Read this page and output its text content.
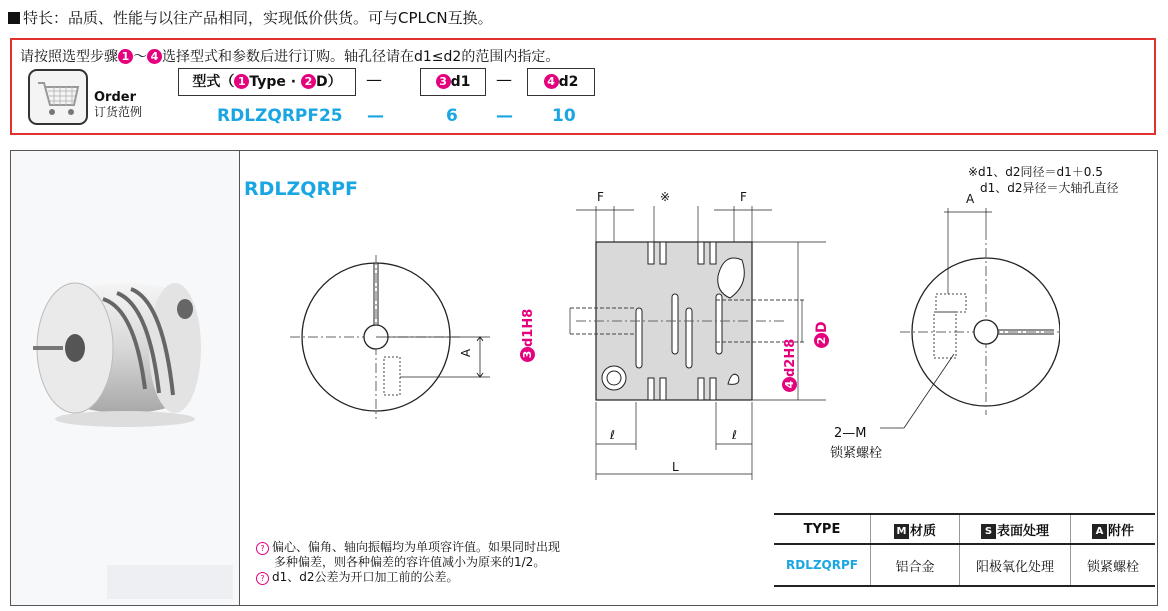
特长：品质、性能与以往产品相同，实现低价供货。可与CPLCN互换。
请按照选型步骤 1 ～ 4 选择型式和参数后进行订购。轴孔径请在d1≤d2的范围内指定。
Order
订货范例
型式（ 1 Type · 2 D）	—	3 d1	—	4 d2
RDLZQRPF25 —	6 — 10
RDLZQRPF
※d1、d2同径＝d1＋0.5
d1、d2异径＝大轴孔直径
A
F	※	F
ℓ	ℓ
L
3d1H8
4d2H8 2D
A
2—M
锁紧螺栓
TYPE	M 材质	S 表面处理	A 附件
RDLZQRPF	铝合金	阳极氧化处理	锁紧螺栓
? 偏心、偏角、轴向振幅均为单项容许值。如果同时出现
多种偏差，则各种偏差的容许值减小为原来的1/2。
? d1、d2公差为开口加工前的公差。
